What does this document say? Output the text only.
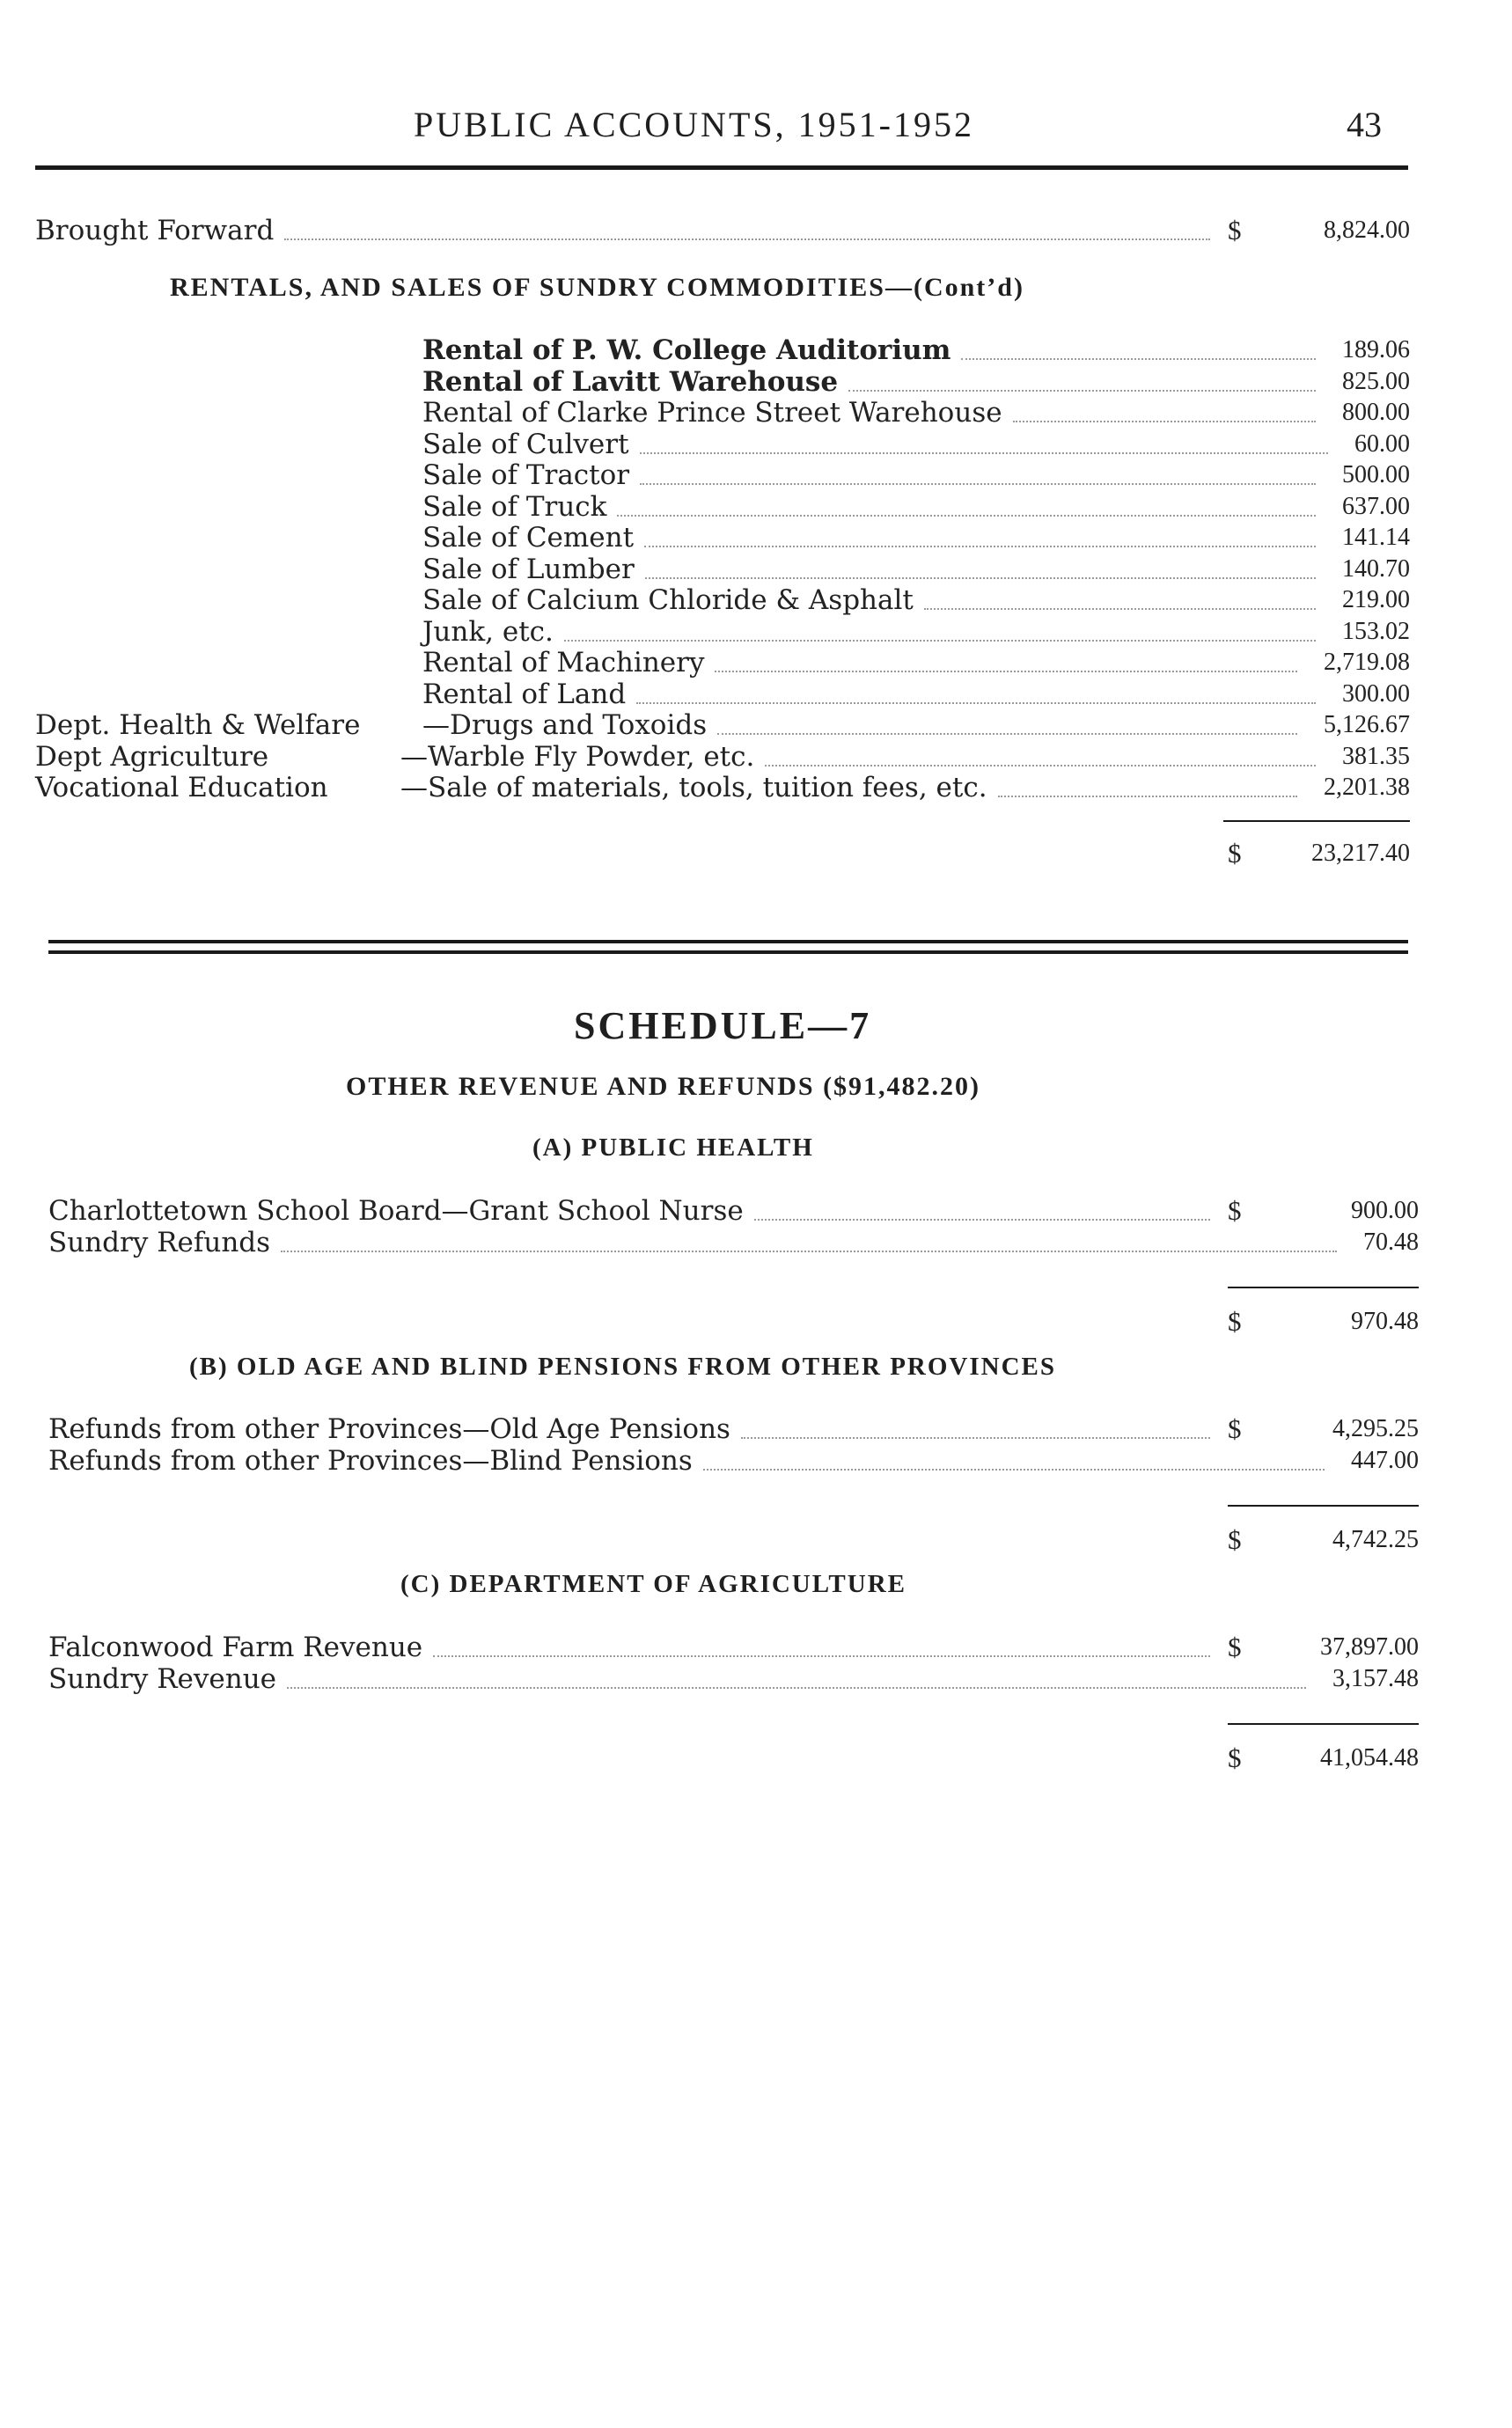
PUBLIC ACCOUNTS, 1951-1952	43
Brought Forward	$	8,824.00
RENTALS, AND SALES OF SUNDRY COMMODITIES—(Cont’d)
Rental of P. W. College Auditorium	189.06
Rental of Lavitt Warehouse	825.00
Rental of Clarke Prince Street Warehouse	800.00
Sale of Culvert	60.00
Sale of Tractor	500.00
Sale of Truck	637.00
Sale of Cement	141.14
Sale of Lumber	140.70
Sale of Calcium Chloride & Asphalt	219.00
Junk, etc.	153.02
Rental of Machinery	2,719.08
Rental of Land	300.00
Dept. Health & Welfare —Drugs and Toxoids	5,126.67
Dept Agriculture	—Warble Fly Powder, etc.	381.35
Vocational Education	—Sale of materials, tools, tuition fees, etc.	2,201.38
$	23,217.40
SCHEDULE—7
OTHER REVENUE AND REFUNDS ($91,482.20)
(A) PUBLIC HEALTH
Charlottetown School Board—Grant School Nurse	$	900.00
Sundry Refunds	70.48
$	970.48
(B) OLD AGE AND BLIND PENSIONS FROM OTHER PROVINCES
Refunds from other Provinces—Old Age Pensions	$	4,295.25
Refunds from other Provinces—Blind Pensions	447.00
$	4,742.25
(C) DEPARTMENT OF AGRICULTURE
Falconwood Farm Revenue	$	37,897.00
Sundry Revenue	3,157.48
$	41,054.48
